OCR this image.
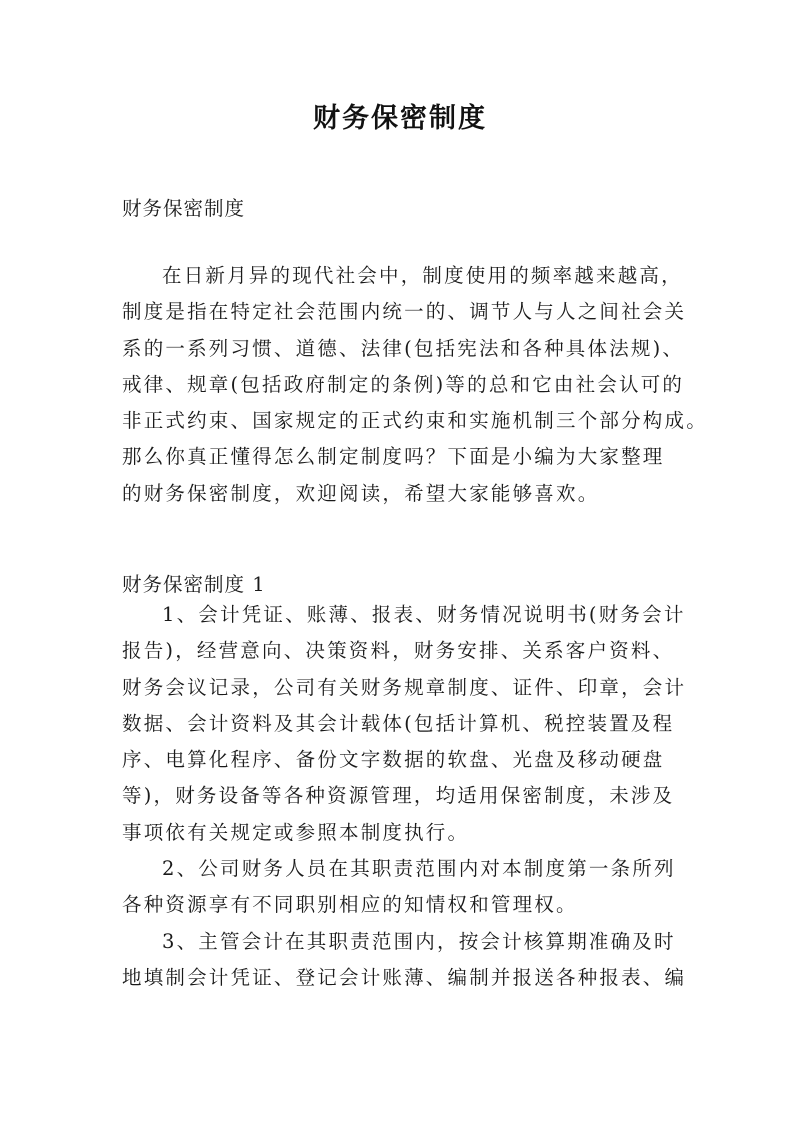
财务保密制度
财务保密制度
在日新月异的现代社会中，制度使用的频率越来越高，
制度是指在特定社会范围内统一的、调节人与人之间社会关
系的一系列习惯、道德、法律(包括宪法和各种具体法规)、
戒律、规章(包括政府制定的条例)等的总和它由社会认可的
非正式约束、国家规定的正式约束和实施机制三个部分构成。
那么你真正懂得怎么制定制度吗？下面是小编为大家整理
的财务保密制度，欢迎阅读，希望大家能够喜欢。
财务保密制度 1
1、会计凭证、账薄、报表、财务情况说明书(财务会计
报告)，经营意向、决策资料，财务安排、关系客户资料、
财务会议记录，公司有关财务规章制度、证件、印章，会计
数据、会计资料及其会计载体(包括计算机、税控装置及程
序、电算化程序、备份文字数据的软盘、光盘及移动硬盘
等)，财务设备等各种资源管理，均适用保密制度，未涉及
事项依有关规定或参照本制度执行。
2、公司财务人员在其职责范围内对本制度第一条所列
各种资源享有不同职别相应的知情权和管理权。
3、主管会计在其职责范围内，按会计核算期准确及时
地填制会计凭证、登记会计账薄、编制并报送各种报表、编
